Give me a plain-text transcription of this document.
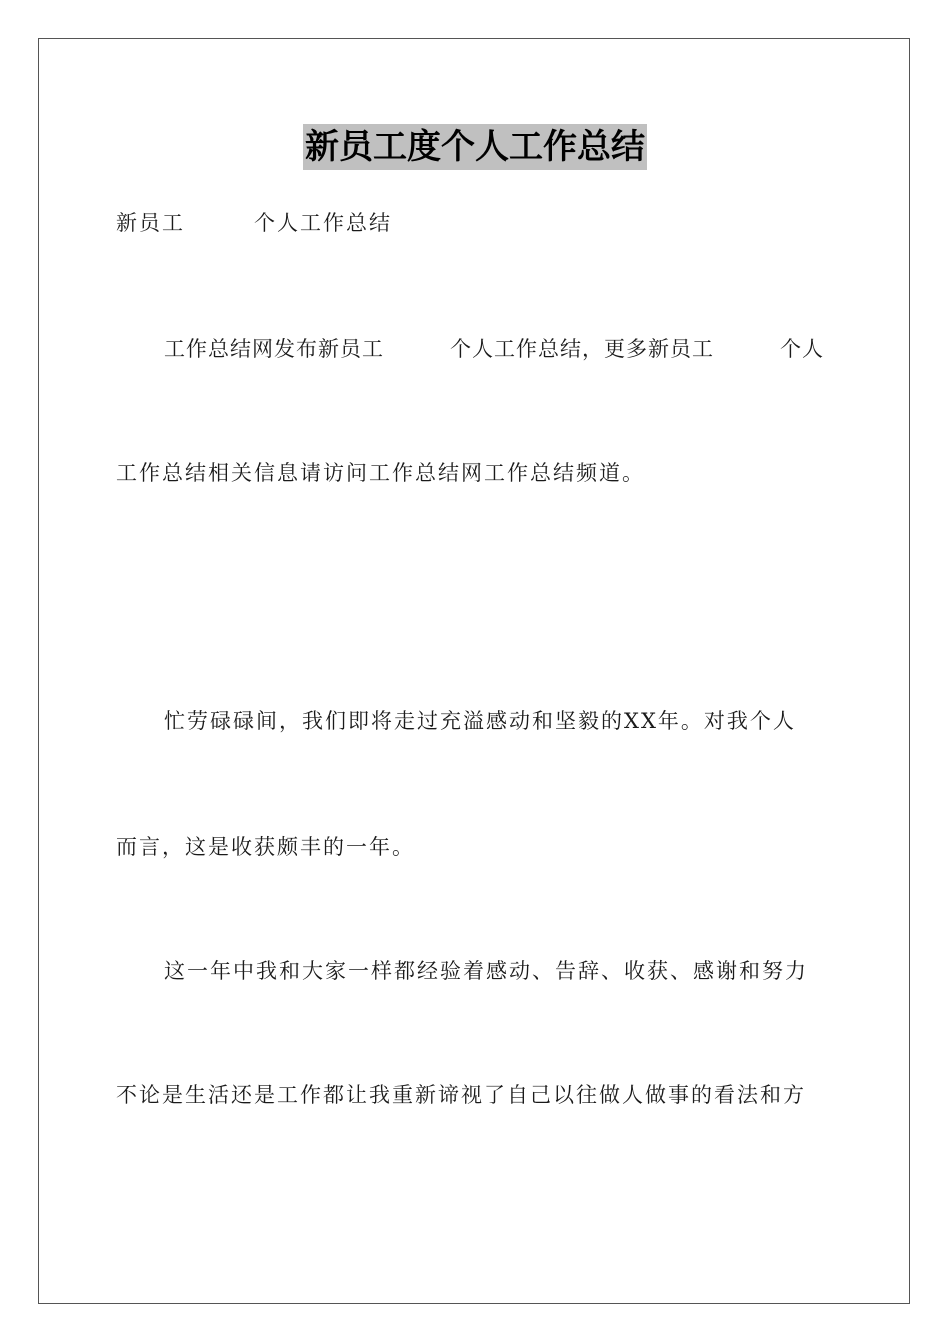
新员工度个人工作总结
新员工　　　个人工作总结
工作总结网发布新员工　　　个人工作总结，更多新员工　　　个人
工作总结相关信息请访问工作总结网工作总结频道。
忙劳碌碌间，我们即将走过充溢感动和坚毅的XX年。对我个人
而言，这是收获颇丰的一年。
这一年中我和大家一样都经验着感动、告辞、收获、感谢和努力
不论是生活还是工作都让我重新谛视了自己以往做人做事的看法和方
